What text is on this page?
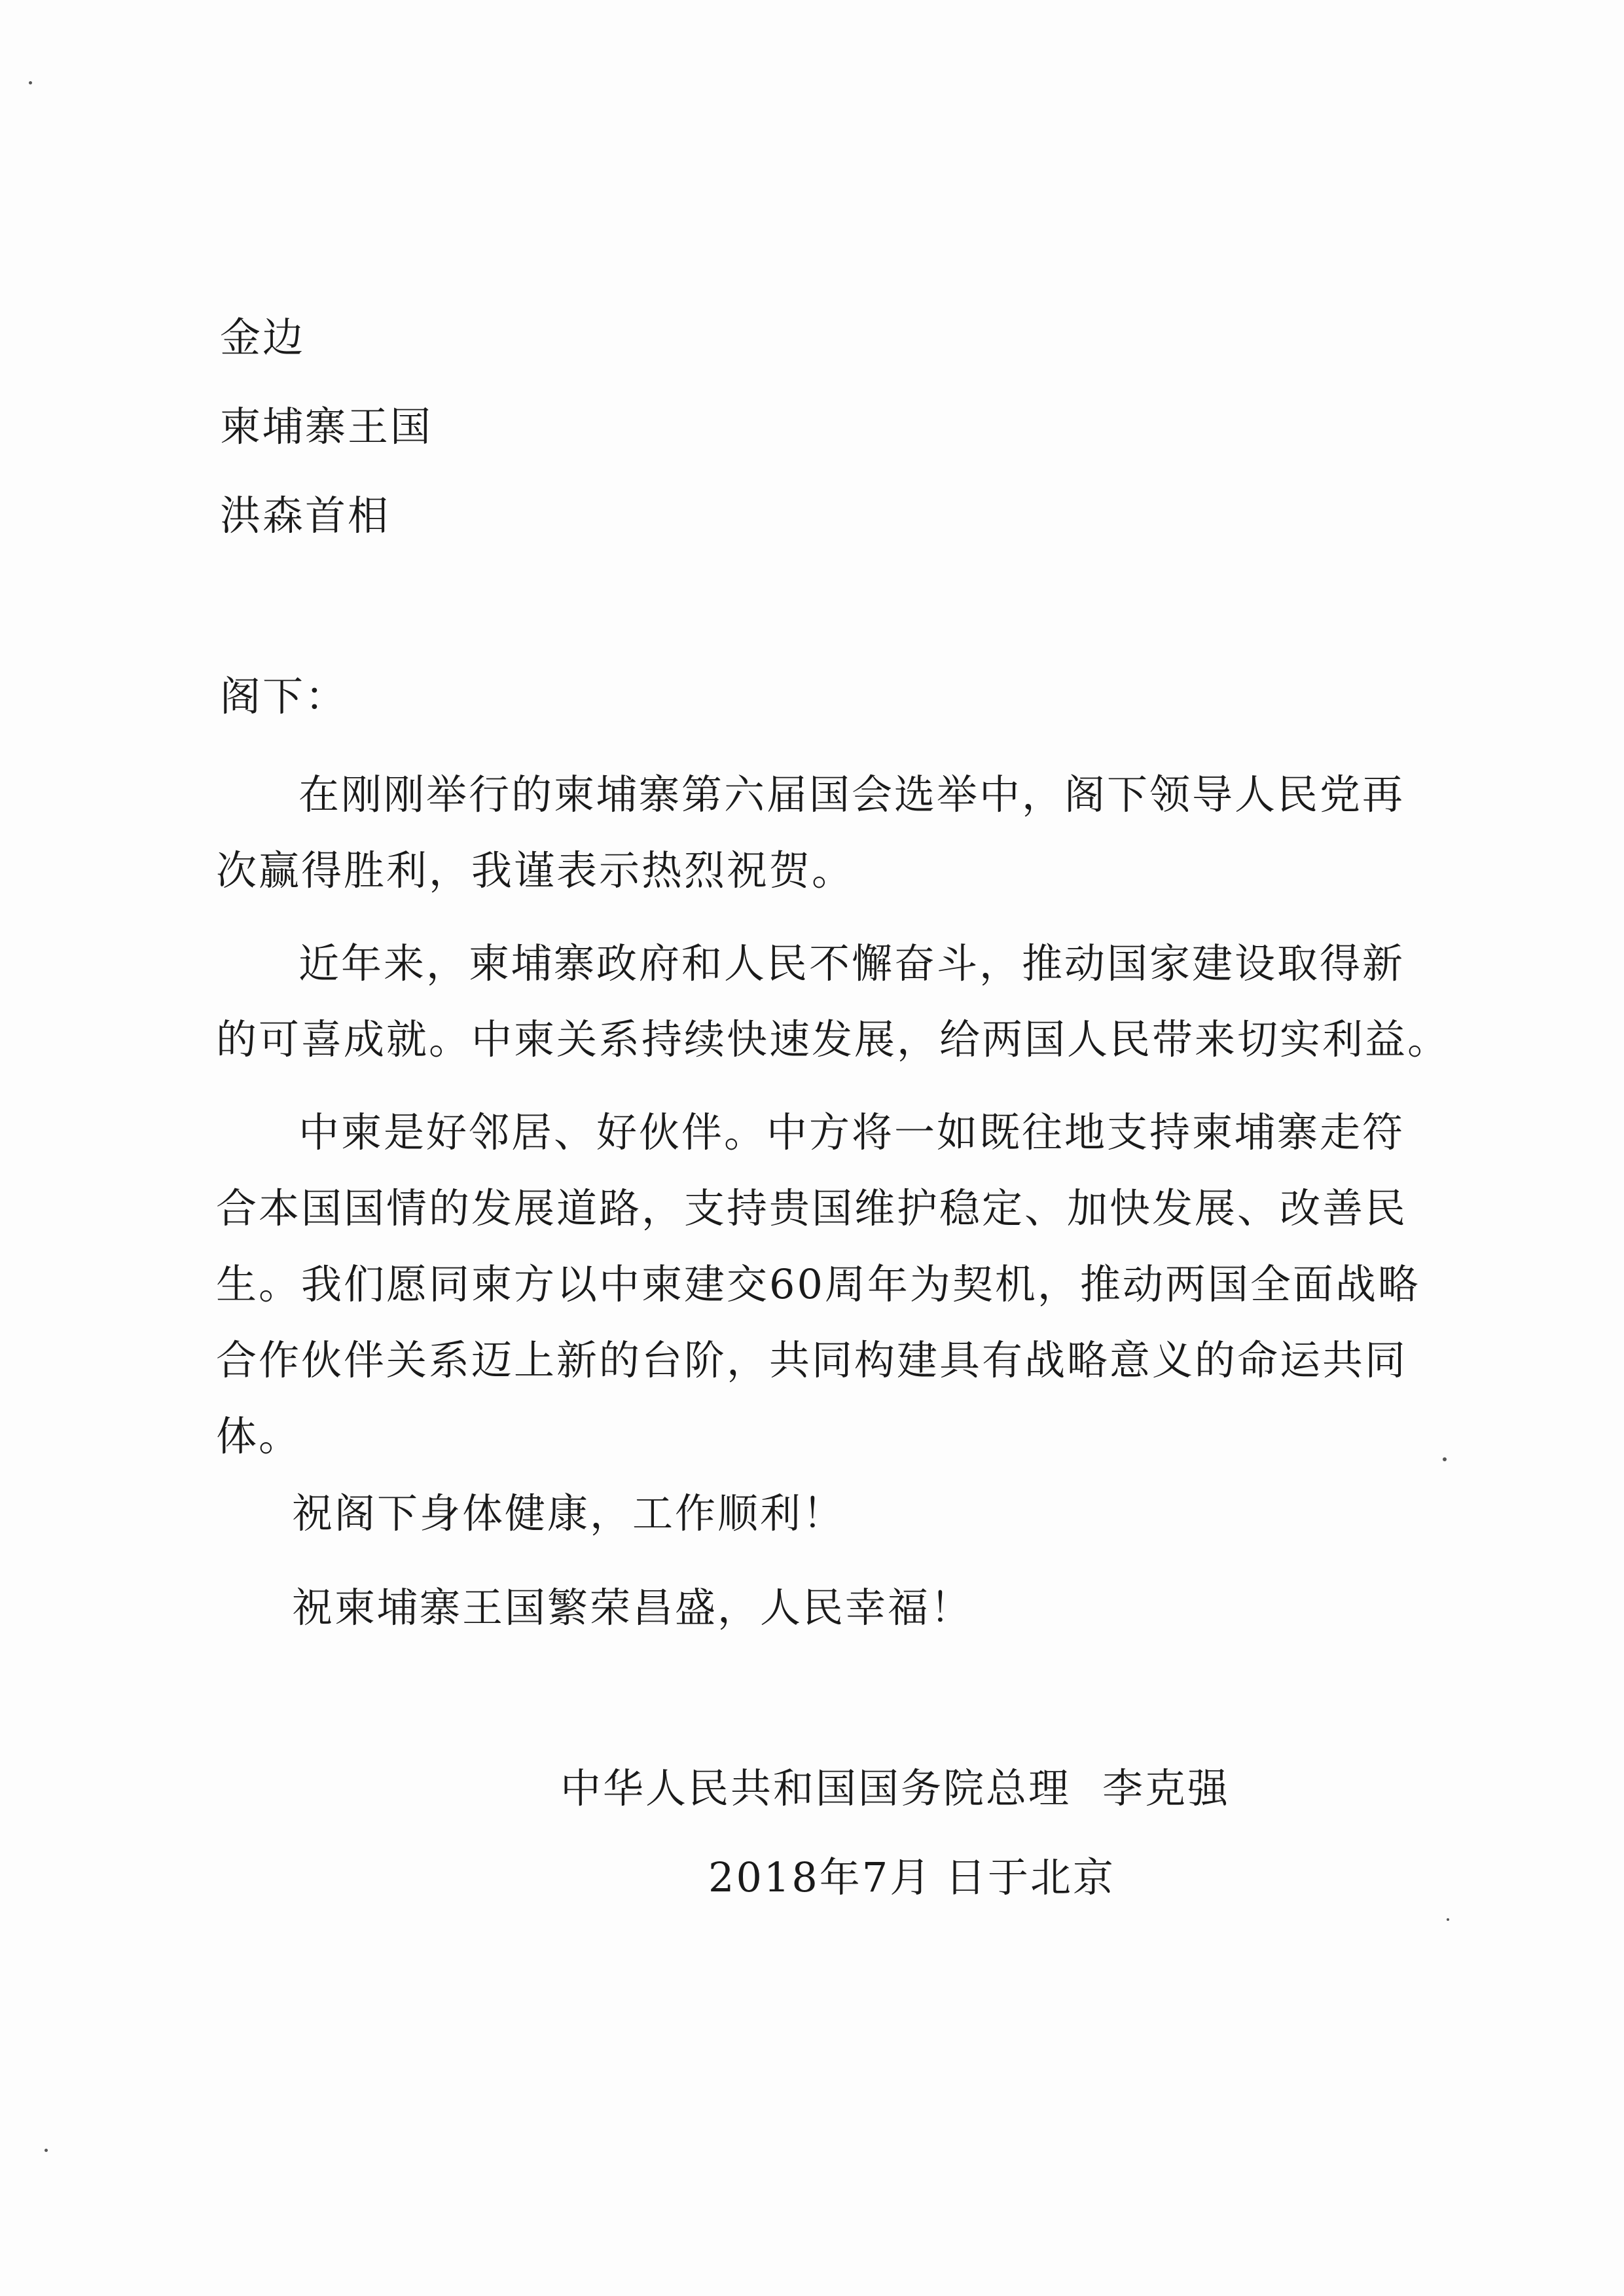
金边
柬埔寨王国
洪森首相
阁下：
在刚刚举行的柬埔寨第六届国会选举中，阁下领导人民党再
次赢得胜利，我谨表示热烈祝贺。
近年来，柬埔寨政府和人民不懈奋斗，推动国家建设取得新
的可喜成就。中柬关系持续快速发展，给两国人民带来切实利益。
中柬是好邻居、好伙伴。中方将一如既往地支持柬埔寨走符
合本国国情的发展道路，支持贵国维护稳定、加快发展、改善民
生。我们愿同柬方以中柬建交60周年为契机，推动两国全面战略
合作伙伴关系迈上新的台阶，共同构建具有战略意义的命运共同
体。
祝阁下身体健康，工作顺利！
祝柬埔寨王国繁荣昌盛，人民幸福！
中华人民共和国国务院总理 李克强
2018年7月 日于北京
